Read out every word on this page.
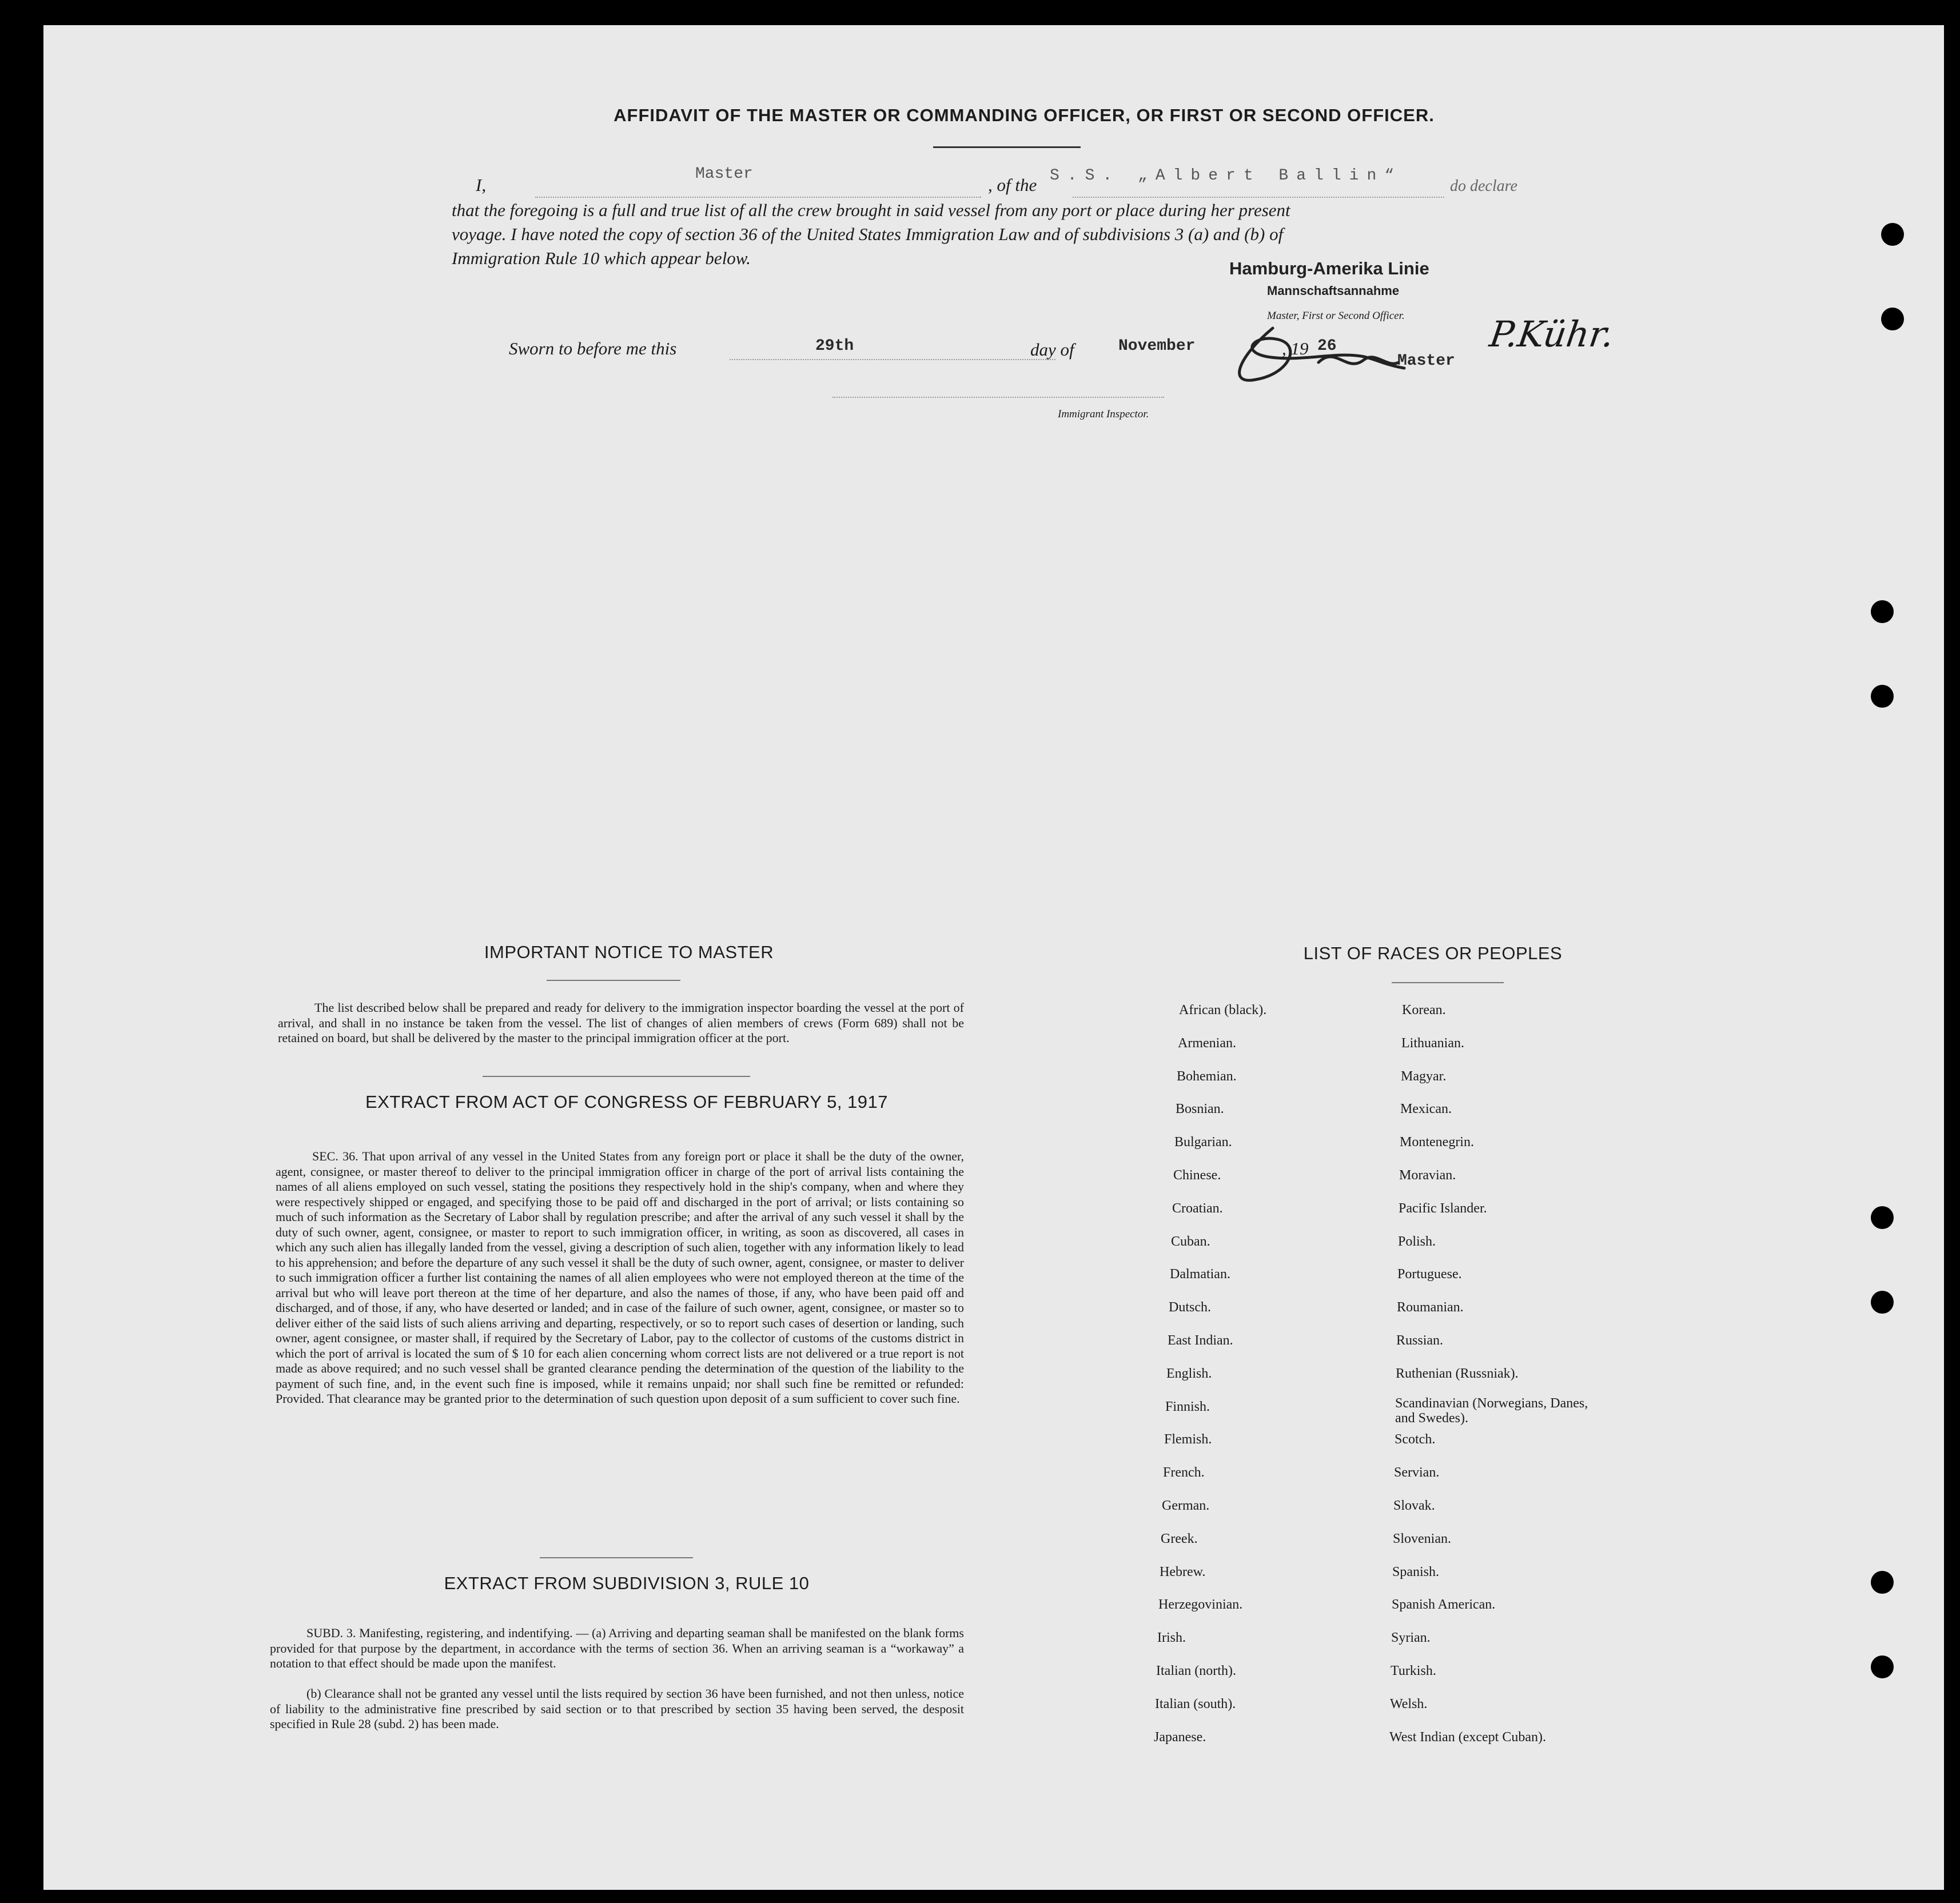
AFFIDAVIT OF THE MASTER OR COMMANDING OFFICER, OR FIRST OR SECOND OFFICER.
I,
Master
, of the S.S. „Albert Ballin“
do declare
that the foregoing is a full and true list of all the crew brought in said vessel from any port or place during her present
voyage. I have noted the copy of section 36 of the United States Immigration Law and of subdivisions 3 (a) and (b) of
Immigration Rule 10 which appear below.
Hamburg-Amerika Linie
Mannschaftsannahme
Master, First or Second Officer.
Sworn to before me this	29th	day of	November	, 19 26	P.Kühr.
Master
Immigrant Inspector.
IMPORTANT NOTICE TO MASTER
The list described below shall be prepared and ready for delivery to the immigration inspector boarding the vessel at the port of arrival, and shall in no instance be taken from the vessel. The list of changes of alien members of crews (Form 689) shall not be retained on board, but shall be delivered by the master to the principal immigration officer at the port.
EXTRACT FROM ACT OF CONGRESS OF FEBRUARY 5, 1917
SEC. 36. That upon arrival of any vessel in the United States from any foreign port or place it shall be the duty of the owner, agent, consignee, or master thereof to deliver to the principal immigration officer in charge of the port of arrival lists containing the names of all aliens employed on such vessel, stating the positions they respectively hold in the ship's company, when and where they were respectively shipped or engaged, and specifying those to be paid off and discharged in the port of arrival; or lists containing so much of such information as the Secretary of Labor shall by regulation prescribe; and after the arrival of any such vessel it shall by the duty of such owner, agent, consignee, or master to report to such immigration officer, in writing, as soon as discovered, all cases in which any such alien has illegally landed from the vessel, giving a description of such alien, together with any information likely to lead to his apprehension; and before the departure of any such vessel it shall be the duty of such owner, agent, consignee, or master to deliver to such immigration officer a further list containing the names of all alien employees who were not employed thereon at the time of the arrival but who will leave port thereon at the time of her departure, and also the names of those, if any, who have been paid off and discharged, and of those, if any, who have deserted or landed; and in case of the failure of such owner, agent, consignee, or master so to deliver either of the said lists of such aliens arriving and departing, respectively, or so to report such cases of desertion or landing, such owner, agent consignee, or master shall, if required by the Secretary of Labor, pay to the collector of customs of the customs district in which the port of arrival is located the sum of $ 10 for each alien concerning whom correct lists are not delivered or a true report is not made as above required; and no such vessel shall be granted clearance pending the determination of the question of the liability to the payment of such fine, and, in the event such fine is imposed, while it remains unpaid; nor shall such fine be remitted or refunded: Provided. That clearance may be granted prior to the determination of such question upon deposit of a sum sufficient to cover such fine.
EXTRACT FROM SUBDIVISION 3, RULE 10
SUBD. 3. Manifesting, registering, and indentifying. — (a) Arriving and departing seaman shall be manifested on the blank forms provided for that purpose by the department, in accordance with the terms of section 36. When an arriving seaman is a “workaway” a notation to that effect should be made upon the manifest.
(b) Clearance shall not be granted any vessel until the lists required by section 36 have been furnished, and not then unless, notice of liability to the administrative fine prescribed by said section or to that prescribed by section 35 having been served, the desposit specified in Rule 28 (subd. 2) has been made.
LIST OF RACES OR PEOPLES
African (black).
Armenian.
Bohemian.
Bosnian.
Bulgarian.
Chinese.
Croatian.
Cuban.
Dalmatian.
Dutsch.
East Indian.
English.
Finnish.
Flemish.
French.
German.
Greek.
Hebrew.
Herzegovinian.
Irish.
Italian (north).
Italian (south).
Japanese.
Korean.
Lithuanian.
Magyar.
Mexican.
Montenegrin.
Moravian.
Pacific Islander.
Polish.
Portuguese.
Roumanian.
Russian.
Ruthenian (Russniak).
Scandinavian (Norwegians, Danes, and Swedes).
Scotch.
Servian.
Slovak.
Slovenian.
Spanish.
Spanish American.
Syrian.
Turkish.
Welsh.
West Indian (except Cuban).
